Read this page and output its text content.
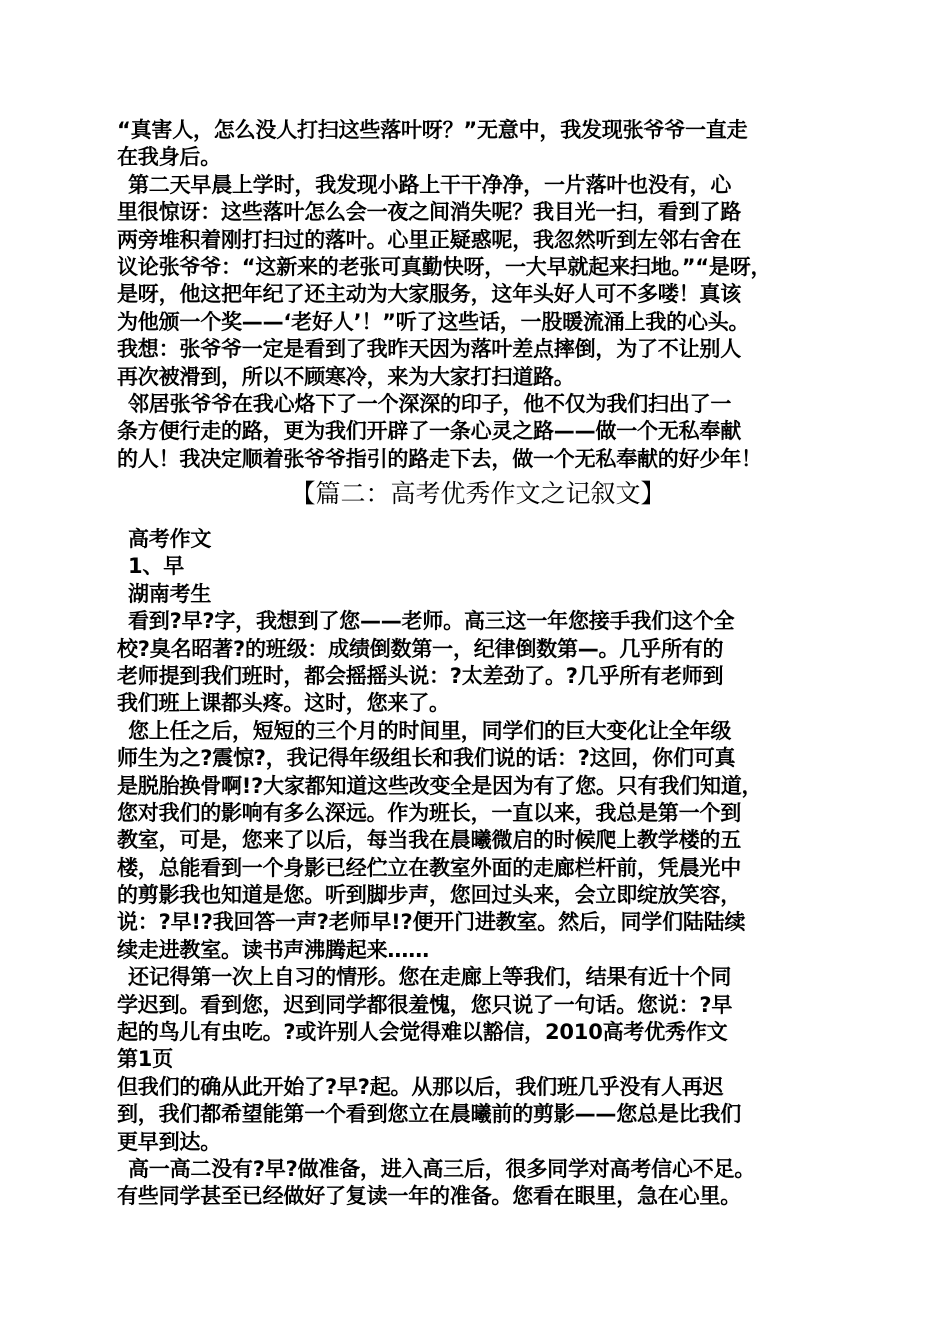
“真害人，怎么没人打扫这些落叶呀？”无意中，我发现张爷爷一直走
在我身后。
第二天早晨上学时，我发现小路上干干净净，一片落叶也没有，心
里很惊讶：这些落叶怎么会一夜之间消失呢？我目光一扫，看到了路
两旁堆积着刚打扫过的落叶。心里正疑惑呢，我忽然听到左邻右舍在
议论张爷爷：“这新来的老张可真勤快呀，一大早就起来扫地。”“是呀，
是呀，他这把年纪了还主动为大家服务，这年头好人可不多喽！真该
为他颁一个奖——‘老好人’！”听了这些话，一股暖流涌上我的心头。
我想：张爷爷一定是看到了我昨天因为落叶差点摔倒，为了不让别人
再次被滑到，所以不顾寒冷，来为大家打扫道路。
邻居张爷爷在我心烙下了一个深深的印子，他不仅为我们扫出了一
条方便行走的路，更为我们开辟了一条心灵之路——做一个无私奉献
的人！我决定顺着张爷爷指引的路走下去，做一个无私奉献的好少年！
【篇二：高考优秀作文之记叙文】
高考作文
1、早
湖南考生
看到?早?字，我想到了您——老师。高三这一年您接手我们这个全
校?臭名昭著?的班级：成绩倒数第一，纪律倒数第—。几乎所有的
老师提到我们班时，都会摇摇头说：?太差劲了。?几乎所有老师到
我们班上课都头疼。这时，您来了。
您上任之后，短短的三个月的时间里，同学们的巨大变化让全年级
师生为之?震惊?，我记得年级组长和我们说的话：?这回，你们可真
是脱胎换骨啊!?大家都知道这些改变全是因为有了您。只有我们知道，
您对我们的影响有多么深远。作为班长，一直以来，我总是第一个到
教室，可是，您来了以后，每当我在晨曦微启的时候爬上教学楼的五
楼，总能看到一个身影已经伫立在教室外面的走廊栏杆前，凭晨光中
的剪影我也知道是您。听到脚步声，您回过头来，会立即绽放笑容，
说：?早!?我回答一声?老师早!?便开门进教室。然后，同学们陆陆续
续走进教室。读书声沸腾起来……
还记得第一次上自习的情形。您在走廊上等我们，结果有近十个同
学迟到。看到您，迟到同学都很羞愧，您只说了一句话。您说：?早
起的鸟儿有虫吃。?或许别人会觉得难以豁信，2010高考优秀作文
第1页
但我们的确从此开始了?早?起。从那以后，我们班几乎没有人再迟
到，我们都希望能第一个看到您立在晨曦前的剪影——您总是比我们
更早到达。
高一高二没有?早?做准备，进入高三后，很多同学对高考信心不足。
有些同学甚至已经做好了复读一年的准备。您看在眼里，急在心里。
